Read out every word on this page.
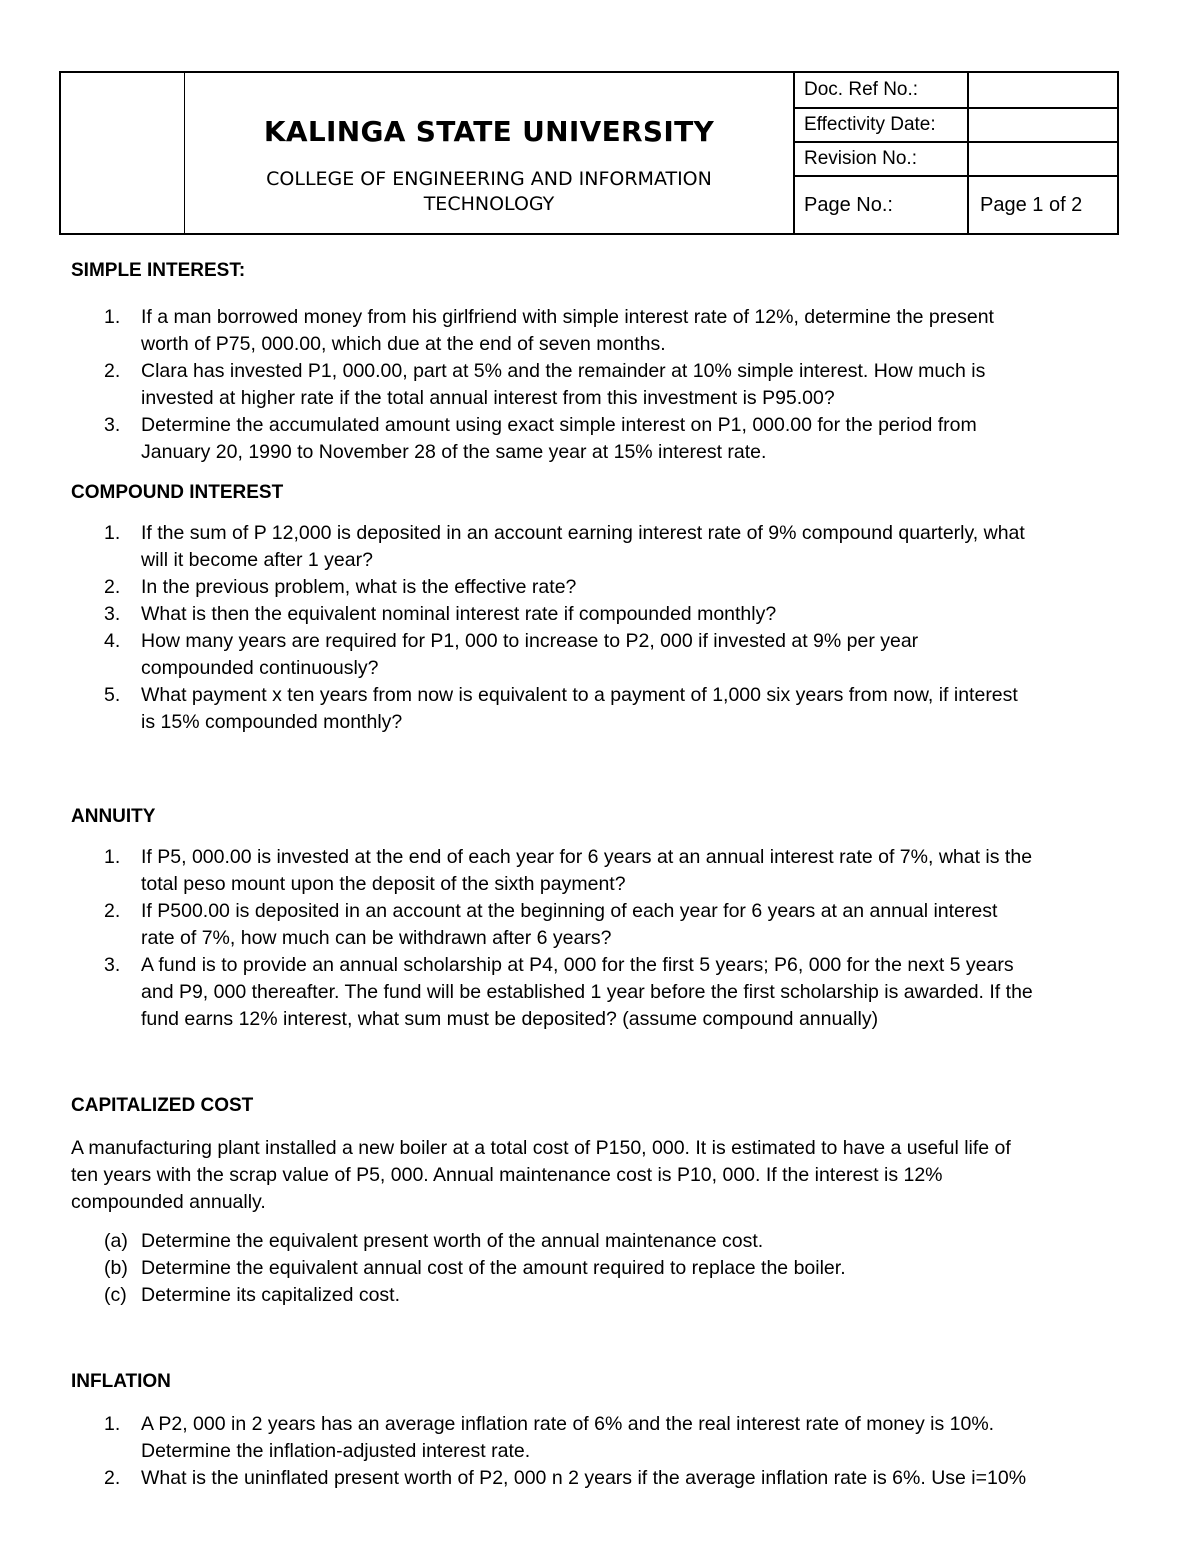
KALINGA STATE UNIVERSITY
COLLEGE OF ENGINEERING AND INFORMATION
TECHNOLOGY
Doc. Ref No.:
Effectivity Date:
Revision No.:
Page No.:	Page 1 of 2
SIMPLE INTEREST:
1. If a man borrowed money from his girlfriend with simple interest rate of 12%, determine the present
worth of P75, 000.00, which due at the end of seven months.
2. Clara has invested P1, 000.00, part at 5% and the remainder at 10% simple interest. How much is
invested at higher rate if the total annual interest from this investment is P95.00?
3. Determine the accumulated amount using exact simple interest on P1, 000.00 for the period from
January 20, 1990 to November 28 of the same year at 15% interest rate.
COMPOUND INTEREST
1. If the sum of P 12,000 is deposited in an account earning interest rate of 9% compound quarterly, what
will it become after 1 year?
2. In the previous problem, what is the effective rate?
3. What is then the equivalent nominal interest rate if compounded monthly?
4. How many years are required for P1, 000 to increase to P2, 000 if invested at 9% per year
compounded continuously?
5. What payment x ten years from now is equivalent to a payment of 1,000 six years from now, if interest
is 15% compounded monthly?
ANNUITY
1. If P5, 000.00 is invested at the end of each year for 6 years at an annual interest rate of 7%, what is the
total peso mount upon the deposit of the sixth payment?
2. If P500.00 is deposited in an account at the beginning of each year for 6 years at an annual interest
rate of 7%, how much can be withdrawn after 6 years?
3. A fund is to provide an annual scholarship at P4, 000 for the first 5 years; P6, 000 for the next 5 years
and P9, 000 thereafter. The fund will be established 1 year before the first scholarship is awarded. If the
fund earns 12% interest, what sum must be deposited? (assume compound annually)
CAPITALIZED COST

A manufacturing plant installed a new boiler at a total cost of P150, 000. It is estimated to have a useful life of

ten years with the scrap value of P5, 000. Annual maintenance cost is P10, 000. If the interest is 12%

compounded annually.

(a) Determine the equivalent present worth of the annual maintenance cost.
(b) Determine the equivalent annual cost of the amount required to replace the boiler.
(c) Determine its capitalized cost.
INFLATION
1. A P2, 000 in 2 years has an average inflation rate of 6% and the real interest rate of money is 10%.
Determine the inflation-adjusted interest rate.
2. What is the uninflated present worth of P2, 000 n 2 years if the average inflation rate is 6%. Use i=10%
